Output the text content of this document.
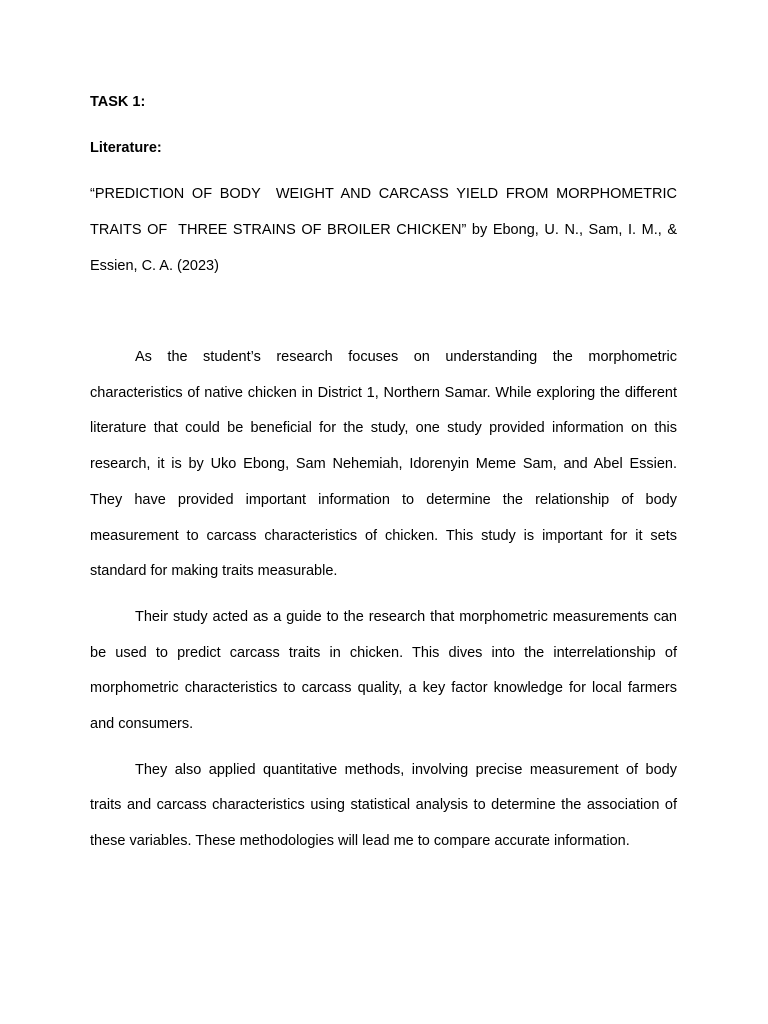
TASK 1:

Literature:

“PREDICTION OF BODY  WEIGHT AND CARCASS YIELD FROM MORPHOMETRIC TRAITS OF  THREE STRAINS OF BROILER CHICKEN” by Ebong, U. N., Sam, I. M., & Essien, C. A. (2023)

As the student’s research focuses on understanding the morphometric characteristics of native chicken in District 1, Northern Samar. While exploring the different literature that could be beneficial for the study, one study provided information on this research, it is by Uko Ebong, Sam Nehemiah, Idorenyin Meme Sam, and Abel Essien. They have provided important information to determine the relationship of body measurement to carcass characteristics of chicken. This study is important for it sets standard for making traits measurable.

Their study acted as a guide to the research that morphometric measurements can be used to predict carcass traits in chicken. This dives into the interrelationship of morphometric characteristics to carcass quality, a key factor knowledge for local farmers and consumers.

They also applied quantitative methods, involving precise measurement of body traits and carcass characteristics using statistical analysis to determine the association of these variables. These methodologies will lead me to compare accurate information.
